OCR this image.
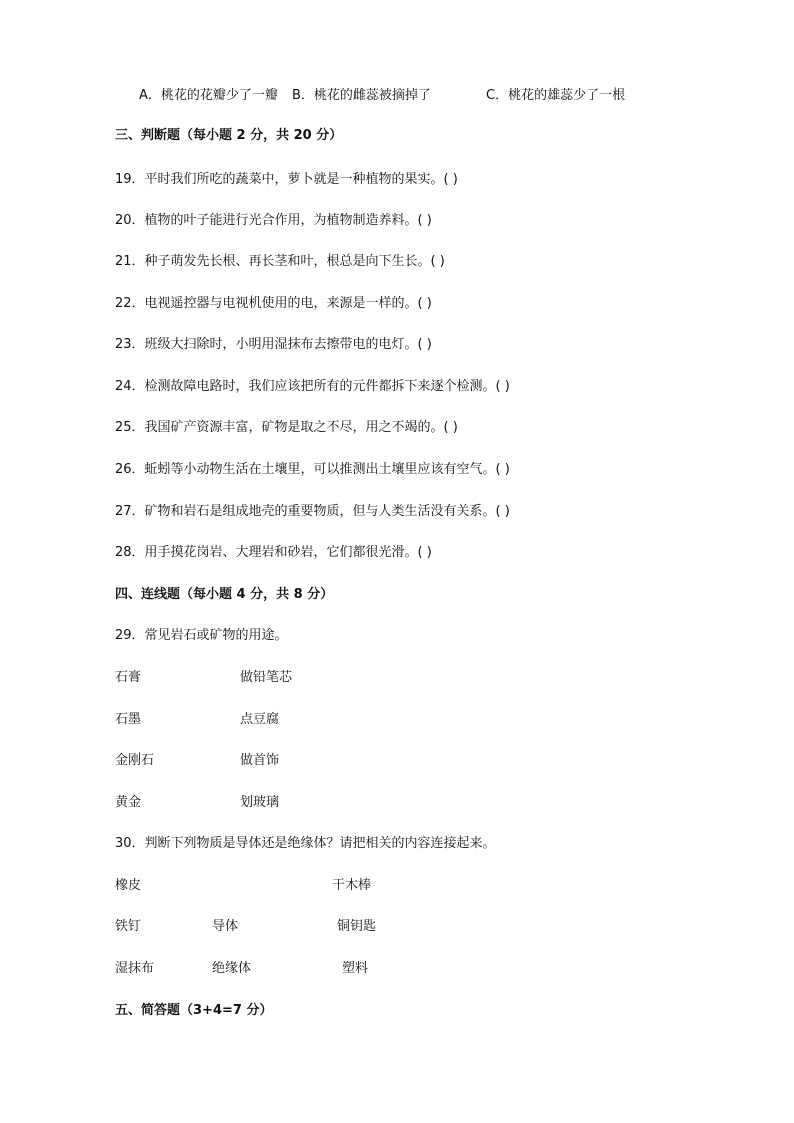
A．桃花的花瓣少了一瓣 B．桃花的雌蕊被摘掉了	C．桃花的雄蕊少了一根
三、判断题（每小题 2 分，共 20 分）
19．平时我们所吃的蔬菜中，萝卜就是一种植物的果实。( )
20．植物的叶子能进行光合作用，为植物制造养料。( )
21．种子萌发先长根、再长茎和叶，根总是向下生长。( )
22．电视遥控器与电视机使用的电，来源是一样的。( )
23．班级大扫除时，小明用湿抹布去擦带电的电灯。( )
24．检测故障电路时，我们应该把所有的元件都拆下来逐个检测。( )
25．我国矿产资源丰富，矿物是取之不尽，用之不竭的。( )
26．蚯蚓等小动物生活在土壤里，可以推测出土壤里应该有空气。( )
27．矿物和岩石是组成地壳的重要物质，但与人类生活没有关系。( )
28．用手摸花岗岩、大理岩和砂岩，它们都很光滑。( )
四、连线题（每小题 4 分，共 8 分）
29．常见岩石或矿物的用途。
石膏	做铅笔芯
石墨	点豆腐
金刚石	做首饰
黄金	划玻璃
30．判断下列物质是导体还是绝缘体？请把相关的内容连接起来。
橡皮	干木棒
铁钉	导体	铜钥匙
湿抹布	绝缘体	塑料
五、简答题（3+4=7 分）
